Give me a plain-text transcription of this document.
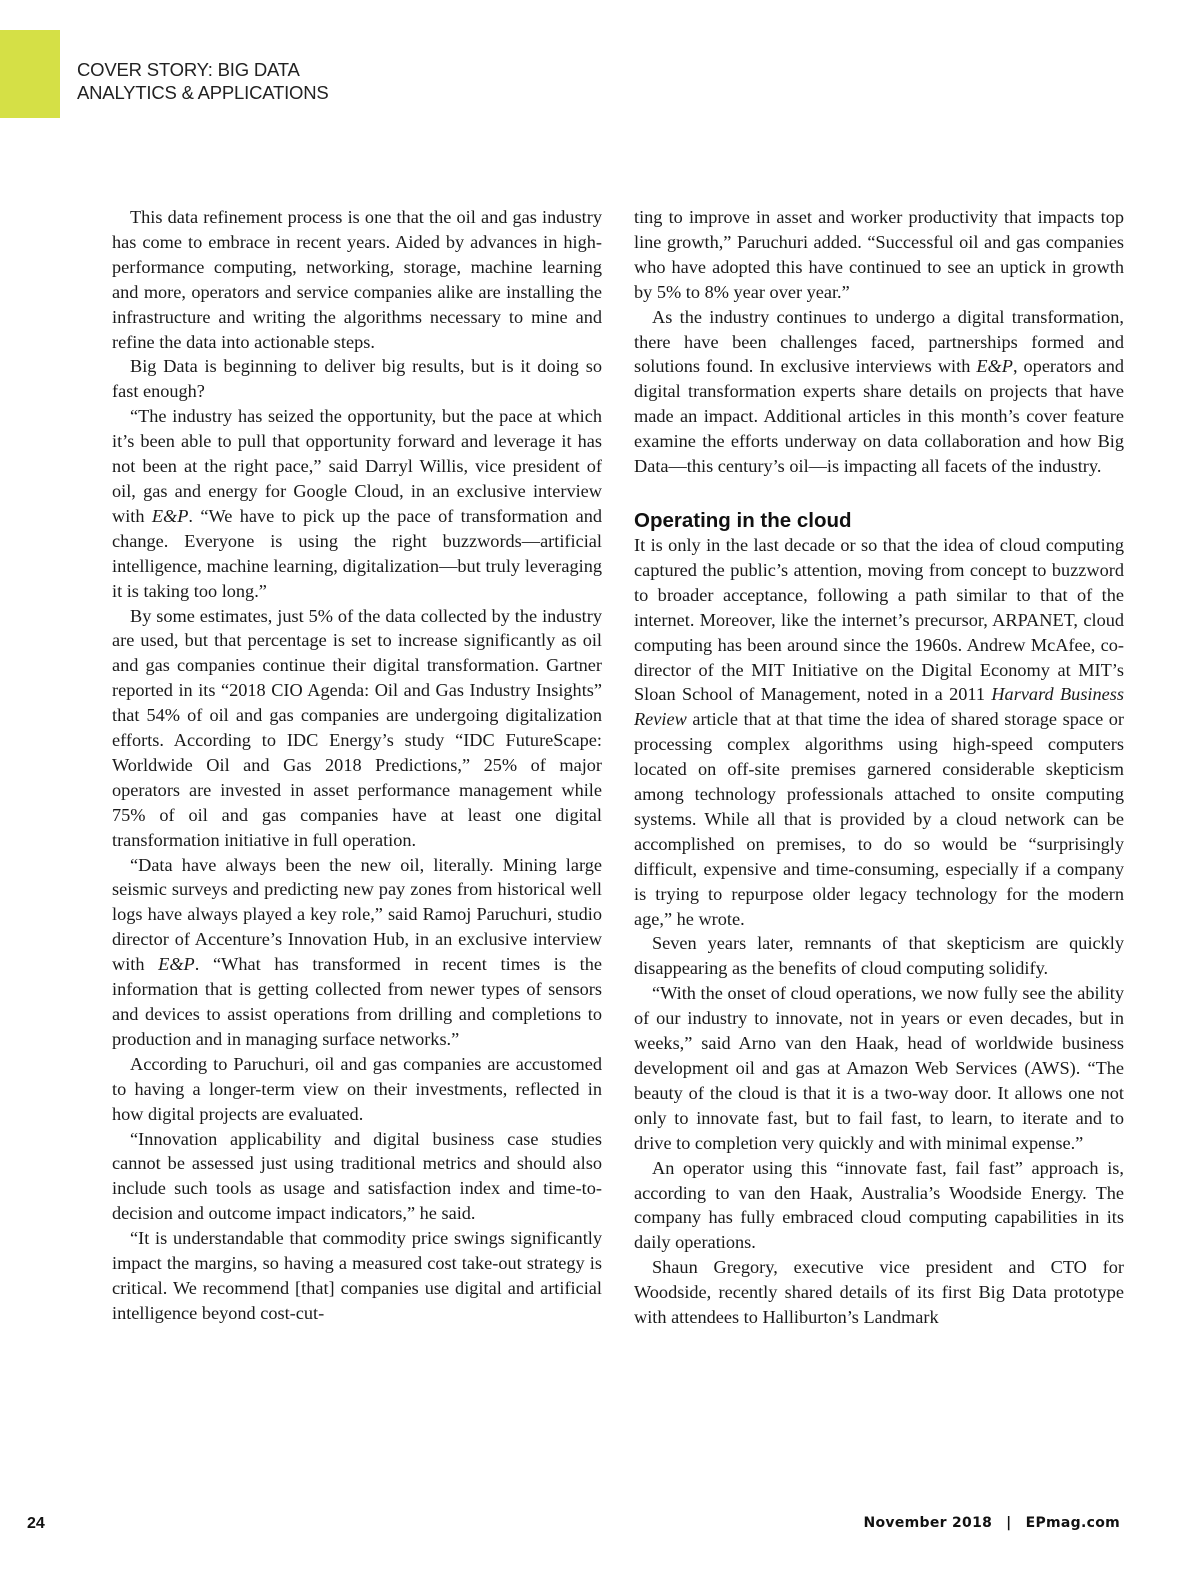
COVER STORY: BIG DATA
ANALYTICS & APPLICATIONS

This data refinement process is one that the oil and gas industry has come to embrace in recent years. Aided by advances in high-performance computing, networking, storage, machine learning and more, operators and service companies alike are installing the infrastructure and writing the algorithms necessary to mine and refine the data into actionable steps.

Big Data is beginning to deliver big results, but is it doing so fast enough?

“The industry has seized the opportunity, but the pace at which it’s been able to pull that opportunity forward and leverage it has not been at the right pace,” said Darryl Willis, vice president of oil, gas and energy for Google Cloud, in an exclusive interview with E&P. “We have to pick up the pace of transformation and change. Everyone is using the right buzzwords—artificial intelligence, machine learning, digitalization—but truly leveraging it is taking too long.”

By some estimates, just 5% of the data collected by the industry are used, but that percentage is set to increase significantly as oil and gas companies continue their digital transformation. Gartner reported in its “2018 CIO Agenda: Oil and Gas Industry Insights” that 54% of oil and gas companies are undergoing digitalization efforts. According to IDC Energy’s study “IDC FutureScape: Worldwide Oil and Gas 2018 Predictions,” 25% of major operators are invested in asset performance management while 75% of oil and gas companies have at least one digital transformation initiative in full operation.

“Data have always been the new oil, literally. Mining large seismic surveys and predicting new pay zones from historical well logs have always played a key role,” said Ramoj Paruchuri, studio director of Accenture’s Innovation Hub, in an exclusive interview with E&P. “What has transformed in recent times is the information that is getting collected from newer types of sensors and devices to assist operations from drilling and completions to production and in managing surface networks.”

According to Paruchuri, oil and gas companies are accustomed to having a longer-term view on their investments, reflected in how digital projects are evaluated.

“Innovation applicability and digital business case studies cannot be assessed just using traditional metrics and should also include such tools as usage and satisfaction index and time-to-decision and outcome impact indicators,” he said.

“It is understandable that commodity price swings significantly impact the margins, so having a measured cost take-out strategy is critical. We recommend [that] companies use digital and artificial intelligence beyond cost-cut-

ting to improve in asset and worker productivity that impacts top line growth,” Paruchuri added. “Successful oil and gas companies who have adopted this have continued to see an uptick in growth by 5% to 8% year over year.”

As the industry continues to undergo a digital transformation, there have been challenges faced, partnerships formed and solutions found. In exclusive interviews with E&P, operators and digital transformation experts share details on projects that have made an impact. Additional articles in this month’s cover feature examine the efforts underway on data collaboration and how Big Data—this century’s oil—is impacting all facets of the industry.

Operating in the cloud

It is only in the last decade or so that the idea of cloud computing captured the public’s attention, moving from concept to buzzword to broader acceptance, following a path similar to that of the internet. Moreover, like the internet’s precursor, ARPANET, cloud computing has been around since the 1960s. Andrew McAfee, co-director of the MIT Initiative on the Digital Economy at MIT’s Sloan School of Management, noted in a 2011 Harvard Business Review article that at that time the idea of shared storage space or processing complex algorithms using high-speed computers located on off-site premises garnered considerable skepticism among technology professionals attached to onsite computing systems. While all that is provided by a cloud network can be accomplished on premises, to do so would be “surprisingly difficult, expensive and time-consuming, especially if a company is trying to repurpose older legacy technology for the modern age,” he wrote.

Seven years later, remnants of that skepticism are quickly disappearing as the benefits of cloud computing solidify.

“With the onset of cloud operations, we now fully see the ability of our industry to innovate, not in years or even decades, but in weeks,” said Arno van den Haak, head of worldwide business development oil and gas at Amazon Web Services (AWS). “The beauty of the cloud is that it is a two-way door. It allows one not only to innovate fast, but to fail fast, to learn, to iterate and to drive to completion very quickly and with minimal expense.”

An operator using this “innovate fast, fail fast” approach is, according to van den Haak, Australia’s Woodside Energy. The company has fully embraced cloud computing capabilities in its daily operations.

Shaun Gregory, executive vice president and CTO for Woodside, recently shared details of its first Big Data prototype with attendees to Halliburton’s Landmark

24	November 2018 | EPmag.com
